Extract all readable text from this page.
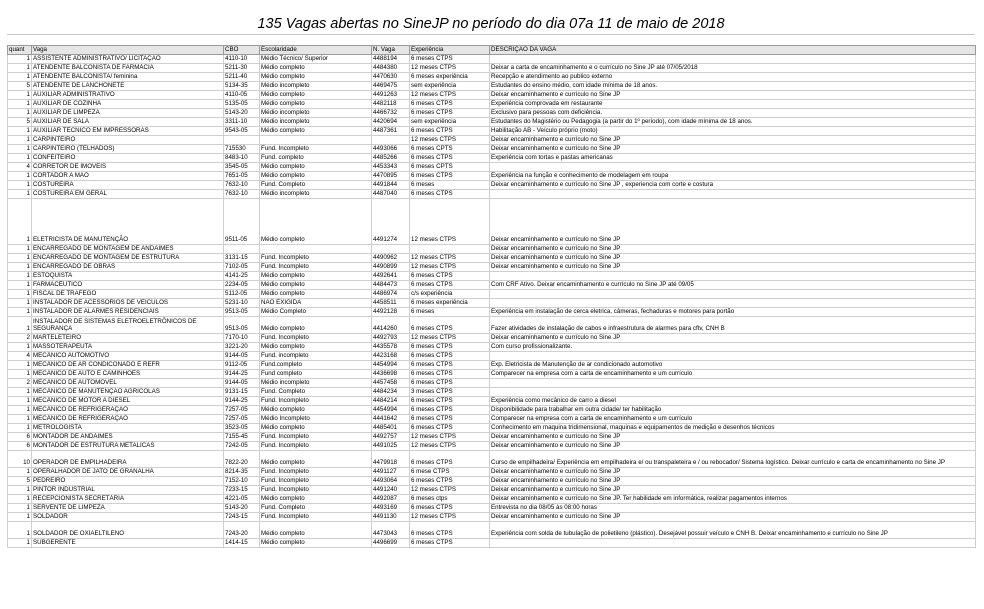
135 Vagas abertas no SineJP no período do dia 07a 11 de maio de 2018
quant	Vaga	CBO	Escolaridade	N. Vaga	Experiência	DESCRIÇÃO DA VAGA
1	ASSISTENTE ADMINISTRATIVO/ LICITAÇÃO	4110-10	Médio Técnico/ Superior	4488194	6 meses CTPS	
1	ATENDENTE BALCONISTA DE FARMÁCIA	5211-30	Médio completo	4484380	12 meses CTPS	Deixar a carta de encaminhamento e o currículo no Sine JP até 07/05/2018
1	ATENDENTE BALCONISTA/ feminina	5211-40	Médio completo	4470630	6 meses experiência	Recepção e atendimento ao publico externo
5	ATENDENTE DE LANCHONETE	5134-35	Médio incompleto	4469475	sem experiência	Estudantes do ensino médio, com idade mínima de 18 anos.
1	AUXILIAR ADMINISTRATIVO	4110-05	Médio completo	4491263	12 meses CTPS	Deixar encaminhamento e currículo no Sine JP
1	AUXILIAR DE COZINHA	5135-05	Médio completo	4482118	6 meses CTPS	Experiência comprovada em restaurante
1	AUXILIAR DE LIMPEZA	5143-20	Médio incompleto	4466732	6 meses CTPS	Exclusivo para pessoas com deficiência.
5	AUXILIAR DE SALA	3311-10	Médio incompleto	4420694	sem experiência	Estudantes do Magistério ou Pedagogia (a partir do 1º período), com idade mínima de 18 anos.
1	AUXILIAR TÉCNICO EM IMPRESSORAS	9543-05	Médio completo	4487361	6 meses CTPS	Habilitação AB - Veículo próprio (moto)
1	CARPINTEIRO				12 meses CTPS	Deixar encaminhamento e currículo no Sine JP
1	CARPINTEIRO (TELHADOS)	715530	Fund. Incompleto	4493066	6 meses CPTS	Deixar encaminhamento e currículo no Sine JP
1	CONFEITEIRO	8483-10	Fund. completo	4485266	6 meses CTPS	Experiência com tortas e pastas americanas
4	CORRETOR DE IMOVEIS	3545-05	Médio completo	4453343	6 meses CPTS	
1	CORTADOR A MÃO	7651-05	Médio completo	4470895	6 meses CTPS	Experiência na função e conhecimento de modelagem em roupa
1	COSTUREIRA	7632-10	Fund. Completo	4491844	6 meses	Deixar encaminhamento e currículo no Sine JP , experiencia com corte e costura
1	COSTUREIRA EM GERAL	7632-10	Médio incompleto	4487040	6 meses CTPS	
1	ELETRICISTA DE MANUTENÇÃO	9511-05	Médio completo	4491274	12 meses CTPS	Deixar encaminhamento e currículo no Sine JP
1	ENCARREGADO DE MONTAGEM DE ANDAIMES					Deixar encaminhamento e currículo no Sine JP
1	ENCARREGADO DE MONTAGEM DE ESTRUTURA	3131-15	Fund. Incompleto	4490962	12 meses CTPS	Deixar encaminhamento e currículo no Sine JP
1	ENCARREGADO DE OBRAS	7102-05	Fund. Incompleto	4490899	12 meses CTPS	Deixar encaminhamento e currículo no Sine JP
1	ESTOQUISTA	4141-25	Médio completo	4492641	6 meses CTPS	
1	FARMACÊUTICO	2234-05	Médio completo	4484473	6 meses CTPS	Com CRF Ativo. Deixar encaminhamento e currículo no Sine JP até 09/05
1	FISCAL DE TRAFEGO	5112-05	Médio completo	4486974	c/s experiência	
1	INSTALADOR DE ACESSORIOS DE VEICULOS	5231-10	NÃO EXIGIDA	4458511	6 meses experiência	
1	INSTALADOR DE ALARMES RESIDENCIAIS	9513-05	Médio Completo	4492128	6 meses	Experiência em instalação de cerca eletrica, câmeras, fechaduras e motores para portão
1	INSTALADOR DE SISTEMAS ELETROELETRÔNICOS DE SEGURANÇA	9513-05	Médio completo	4414260	6 meses CTPS	Fazer atividades de instalação de cabos e infraestrutura de alarmes para cftv, CNH B
2	MARTELETEIRO	7170-10	Fund. Incompleto	4492793	12 meses CTPS	Deixar encaminhamento e currículo no Sine JP
1	MASSOTERAPEUTA	3221-20	Médio completo	4435578	6 meses CTPS	Com curso profissionalizante.
4	MECÂNICO AUTOMOTIVO	9144-05	Fund. incompleto	4423168	6 meses CTPS	
1	MECÂNICO DE AR CONDICONADO E REFR	9112-05	Fund.completo	4454994	6 meses CTPS	Exp. Eletricista de Manutenção de ar condicionado automotivo
1	MECANICO DE AUTO E CAMINHÕES	9144-25	Fund completo	4436698	6 meses CTPS	Comparecer na empresa com a carta de encaminhamento e um currículo
2	MECÂNICO DE AUTOMÓVEL	9144-05	Médio incompleto	4457458	6 meses CTPS	
1	MECÂNICO DE MANUTENÇÃO AGRICOLAS	9131-15	Fund. Completo	4484234	3 meses CTPS	
1	MECÂNICO DE MOTOR A DIESEL	9144-25	Fund. Incompleto	4484214	6 meses CTPS	Experiência como mecânico de carro a diesel
1	MECÂNICO DE REFRIGERAÇÃO	7257-05	Médio completo	4454994	6 meses CTPS	Disponibilidade para trabalhar em outra cidade/ ter habilitação
1	MECÂNICO DE REFRIGERAÇÃO	7257-05	Médio Incompleto	4441642	6 meses CTPS	Comparecer na empresa com a carta de encaminhamento e um currículo
1	METROLOGISTA	3523-05	Médio completo	4485401	6 meses CTPS	Conhecimento em maquina tridimensional, maquinas e equipamentos de medição e desenhos técnicos
6	MONTADOR DE ANDAIMES	7155-45	Fund. Incompleto	4492757	12 meses CTPS	Deixar encaminhamento e currículo no Sine JP
6	MONTADOR DE ESTRUTURA METALICAS	7242-05	Fund. Incompleto	4491025	12 meses CTPS	Deixar encaminhamento e currículo no Sine JP
10	OPERADOR DE EMPILHADEIRA	7822-20	Médio completo	4479918	6 meses CTPS	Curso de empilhadeira/ Experiência em empilhadeira e/ ou transpaleteira e / ou rebocador/ Sistema logístico. Deixar currículo e carta de encaminhamento no Sine JP
1	OPERALHADOR DE JATO DE GRANALHA	8214-35	Fund. Incompleto	4491127	6 mese CTPS	Deixar encaminhamento e currículo no Sine JP
5	PEDREIRO	7152-10	Fund. Incompleto	4493064	6 meses CTPS	Deixar encaminhamento e currículo no Sine JP
1	PINTOR INDUSTRIAL	7233-15	Fund. Incompleto	4491240	12 meses CTPS	Deixar encaminhamento e currículo no Sine JP
1	RECEPCIONISTA SECRETÁRIA	4221-05	Médio completo	4492087	6 meses ctps	Deixar encaminhamento e currículo no Sine JP. Ter habilidade em informática, realizar pagamentos internos
1	SERVENTE DE LIMPEZA	5143-20	Fund. Completo	4493169	6 meses CTPS	Entrevista no dia 08/05 às 08:00 horas
1	SOLDADOR	7243-15	Fund. Incompleto	4491130	12 meses CTPS	Deixar encaminhamento e currículo no Sine JP
1	SOLDADOR DE OXIAELTILENO	7243-20	Médio completo	4473043	6 meses CTPS	Experiência com solda de tubulação de polietileno (plástico). Desejável possuir veículo e CNH B. Deixar encaminhamento e currículo no Sine JP
1	SUBGERENTE	1414-15	Médio completo	4496699	6 meses CTPS	
